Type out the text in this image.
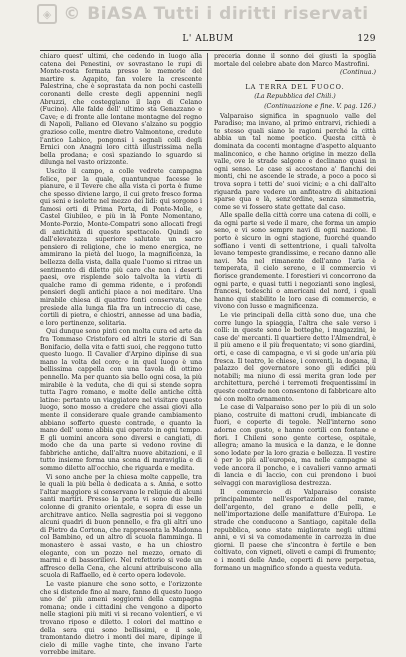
◈ © BiASA Tutti i diritti riservati
L' ALBUM	129

chiaro quest' ultimi, che cedendo in luogo alla catena dei Penestini, ov sovrastano le rupi di Monte-rosta fermata presso le memorie del martire s. Agapito, fan volere la crescente Palestrina, che è soprastata da non pochi castelli coronanti delle creste degli appennini negli Abruzzi, che costeggiano il lago di Celano (Fucino). Alle falde dell' ultimo sta Genazzano e Cave; e di fronte alle lontane montagne del regno di Napoli, Paliano ed Olevano s'alzano su poggio grazioso colle, mentre dietro Valmontone, credute l'antico Labico, pongonsi i segnali colli degli Ernici con Anagni loro città illustrissima nella bella prodana; e così spaziando lo sguardo si dilunga nel vasto orizzonte.

Uscito il campo, a colle vedrete campagna felice, per la quale, quantunque facesse le pianure, e il Tevere che alla vista ci porta è fiume che spesso diviene largo, il cui greto fresco forma qui seni e isolette nel mezzo dei lidi: qui sorgono i famosi orti di Prima Porta, di Ponte-Molle, e Castel Giubileo, e più in là Ponte Nomentano, Monte-Porzio, Monte-Compatri sono allocati fregi di antichità di questo spettacolo. Quindi se dall'elevatezza superiore salutate un sacro pensiero di religione, che io meno energica, ne ammirano la pietà del luogo, la magnificenza, la bellezza della vista, dalla quale l'uomo si ritrae un sentimento di diletto più caro che non i deserti paesi, ove risplende solo talvolta la virtù di qualche ramo di gemma ridente, e i profondi pensieri degli antichi piace a noi meditare. Una mirabile chiesa di quattro fonti conservata, che presiede alla lunga fila fra un intreccio di case, cortili di pietra, e chiostri, annesse ad una badia, e loro pertinenze, solitaria.

Qui dunque sono pinti con molta cura ed arte da fra Tommaso Cristoforo ed altri le storie di San Bonifacio, della vita e fatti suoi, che reggono tutto questo luogo. Il Cavalier d'Arpino dipinse di sua mano la volta del coro; e in quel luogo è una bellissima cappella con una tavola di ottimo pennello. Ma per quanto sia bello ogni cosa, la più mirabile è la veduta, che di qui si stende sopra tutta l'agro romano, e molte delle antiche città latine: pertanto un viaggiatore nel visitare questo luogo, sono mosso a credere che assai giovi alla mente il considerare quale grande cambiamento abbiano sofferto queste contrade, e quanto la mano dell' uomo abbia qui operato in ogni tempo. E gli uomini ancora sono diversi e cangiati, di modo che da una parte si vedono rovine di fabbriche antiche, dall'altra nuove abitazioni, e il tutto insieme forma una scena di maraviglia e di sommo diletto all'occhio, che riguarda e medita.

Vi sono anche per la chiesa molte cappelle, tra le quali la più bella è dedicata a s. Anna, e sotto l'altar maggiore si conservano le reliquie di alcuni santi martiri. Presso la porta vi sono due belle colonne di granito orientale, e sopra di esse un architrave antico. Nella sagrestia poi si veggono alcuni quadri di buon pennello, e fra gli altri uno di Pietro da Cortona, che rappresenta la Madonna col Bambino, ed un altro di scuola fiamminga. Il monastero è assai vasto, e ha un chiostro elegante, con un pozzo nel mezzo, ornato di marmi e di bassorilievi. Nel refettorio si vede un affresco della Cena, che alcuni attribuiscono alla scuola di Raffaello, ed è certo opera lodevole.

Le vaste pianure che sono sotto, e l'orizzonte che si distende fino al mare, fanno di questo luogo uno de' più ameni soggiorni della campagna romana; onde i cittadini che vengono a diporto nelle stagioni più miti vi si recano volentieri, e vi trovano riposo e diletto. I colori del mattino e della sera qui sono bellissimi, e il sole, tramontando dietro i monti del mare, dipinge il cielo di mille vaghe tinte, che invano l'arte vorrebbe imitare.

preceria donne il sonno dei giusti la spoglia mortale del celebre abate don Marco Mastrofini.

(Continua.)
LA TERRA DEL FUOCO.
(La Repubblica del Chili.)
(Continuazione e fine. V. pag. 126.)

Valparaiso significa in spagnuolo valle del Paradiso; ma invano, al primo entrarvi, richiedi a te stesso quali siano le ragioni perché la città abbia un tal nome poetico. Questa città è dominata da cocenti montagne d'aspetto alquanto malinconico, e che hanno origine in mezzo della valle, ove le strade salgono e declinano quasi in ogni senso. Le case si accostano a' fianchi dei monti, chi ne ascende le strade, a poco a poco si trova sopra i tetti de' suoi vicini; e a chi dall'alto riguarda pare vedere un anfiteatro di abitazioni sparse qua e là, senz'ordine, senza simmetria, come se vi fossero state gettate dal caso.

Alle spalle della città corre una catena di colli, e da ogni parte si vede il mare, che forma un ampio seno, e vi sono sempre navi di ogni nazione. Il porto è sicuro in ogni stagione, fuorché quando soffiano i venti di settentrione, i quali talvolta levano tempeste grandissime, e recano danno alle navi. Ma nel rimanente dell'anno l'aria è temperata, il cielo sereno, e il commercio vi fiorisce grandemente. I forestieri vi concorrono da ogni parte, e quasi tutti i negozianti sono inglesi, francesi, tedeschi o americani del nord, i quali hanno qui stabilito le loro case di commercio, e vivono con lusso e magnificenza.

Le vie principali della città sono due, una che corre lungo la spiaggia, l'altra che sale verso i colli: in queste sono le botteghe, i magazzini, le case de' mercanti. Il quartiere detto l'Almendral, è il più ameno e il più frequentato; vi sono giardini, orti, e case di campagna, e vi si gode un'aria più fresca. Il teatro, le chiese, i conventi, la dogana, il palazzo del governatore sono gli edifici più notabili; ma niuno di essi merita gran lode per architettura, perché i terremoti frequentissimi in queste contrade non consentono di fabbricare alto né con molto ornamento.

Le case di Valparaiso sono per lo più di un solo piano, costruite di mattoni crudi, imbiancate di fuori, e coperte di tegole. Nell'interno sono adorne con gusto, e hanno cortili con fontane e fiori. I Chileni sono gente cortese, ospitale, allegra; amano la musica e la danza, e le donne sono lodate per la loro grazia e bellezza. Il vestire è per lo più all'europea, ma nelle campagne si vede ancora il poncho, e i cavalieri vanno armati di lancia e di laccio, con cui prendono i buoi selvaggi con maravigliosa destrezza.

Il commercio di Valparaiso consiste principalmente nell'esportazione del rame, dell'argento, del grano e delle pelli, e nell'importazione delle manifatture d'Europa. Le strade che conducono a Santiago, capitale della repubblica, sono state migliorate negli ultimi anni, e vi si va comodamente in carrozza in due giorni. Il paese che s'incontra è fertile e ben coltivato, con vigneti, oliveti e campi di frumento; e i monti delle Ande, coperti di neve perpetua, formano un magnifico sfondo a questa veduta.
